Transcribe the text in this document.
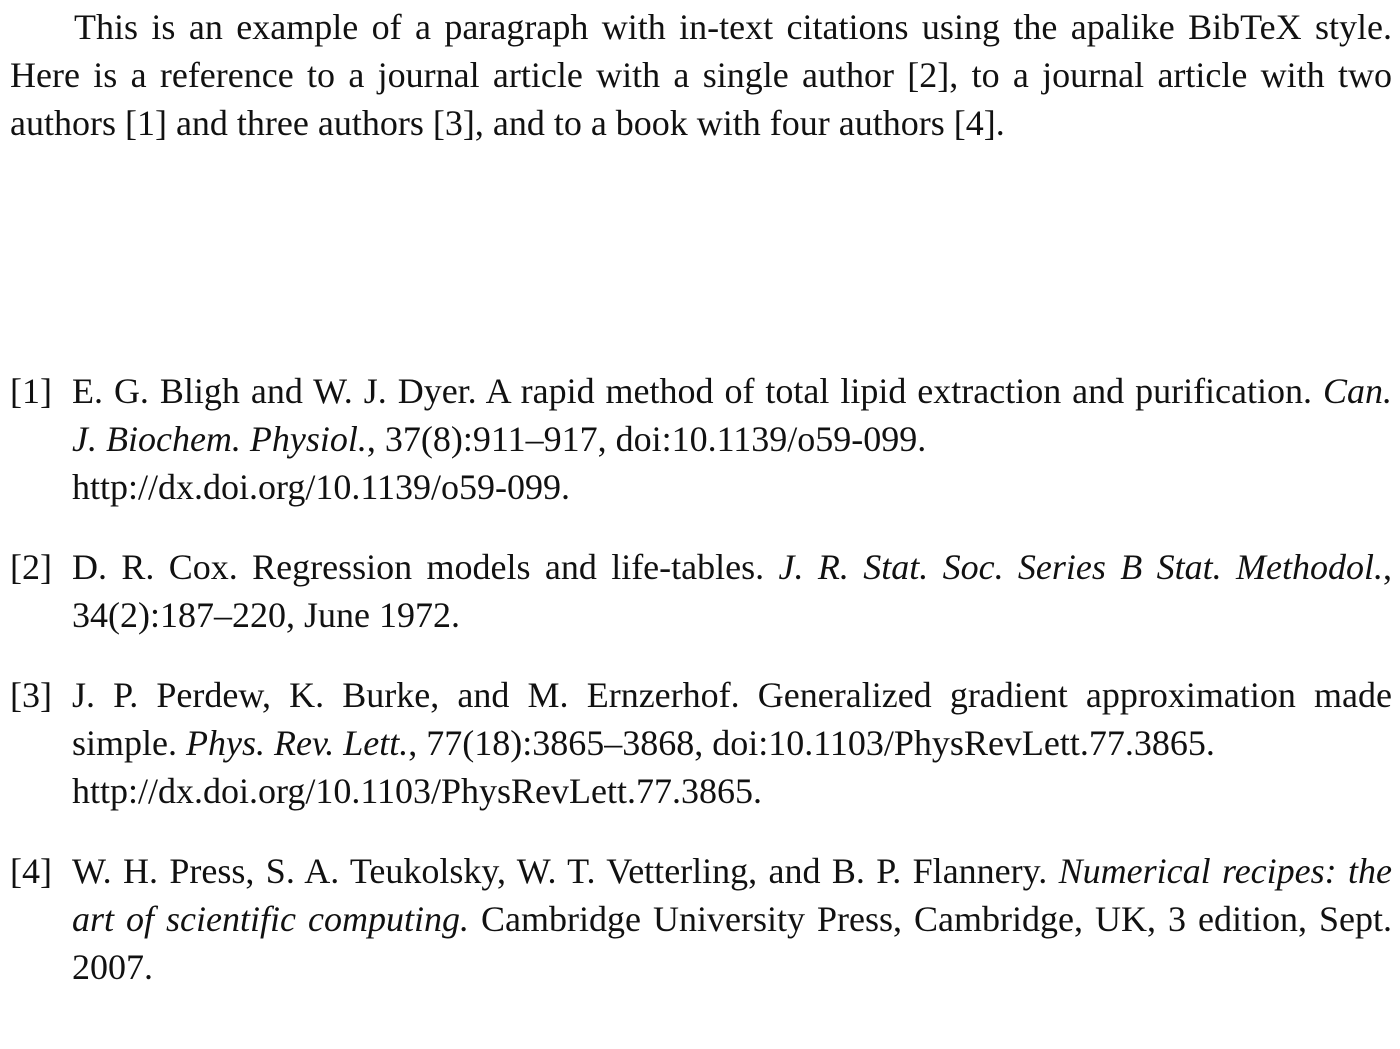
This is an example of a paragraph with in-text citations using the apalike BibTeX style. Here is a reference to a journal article with a single author [2], to a journal article with two authors [1] and three authors [3], and to a book with four authors [4].

[1] E. G. Bligh and W. J. Dyer. A rapid method of total lipid extraction and purification. Can. J. Biochem. Physiol., 37(8):911–917, doi:10.1139/o59-099.
http://dx.doi.org/10.1139/o59-099.
[2] D. R. Cox. Regression models and life-tables. J. R. Stat. Soc. Series B Stat. Methodol., 34(2):187–220, June 1972.
[3] J. P. Perdew, K. Burke, and M. Ernzerhof. Generalized gradient approximation made simple. Phys. Rev. Lett., 77(18):3865–3868, doi:10.1103/PhysRevLett.77.3865.
http://dx.doi.org/10.1103/PhysRevLett.77.3865.
[4] W. H. Press, S. A. Teukolsky, W. T. Vetterling, and B. P. Flannery. Numerical recipes: the art of scientific computing. Cambridge University Press, Cambridge, UK, 3 edition, Sept. 2007.
